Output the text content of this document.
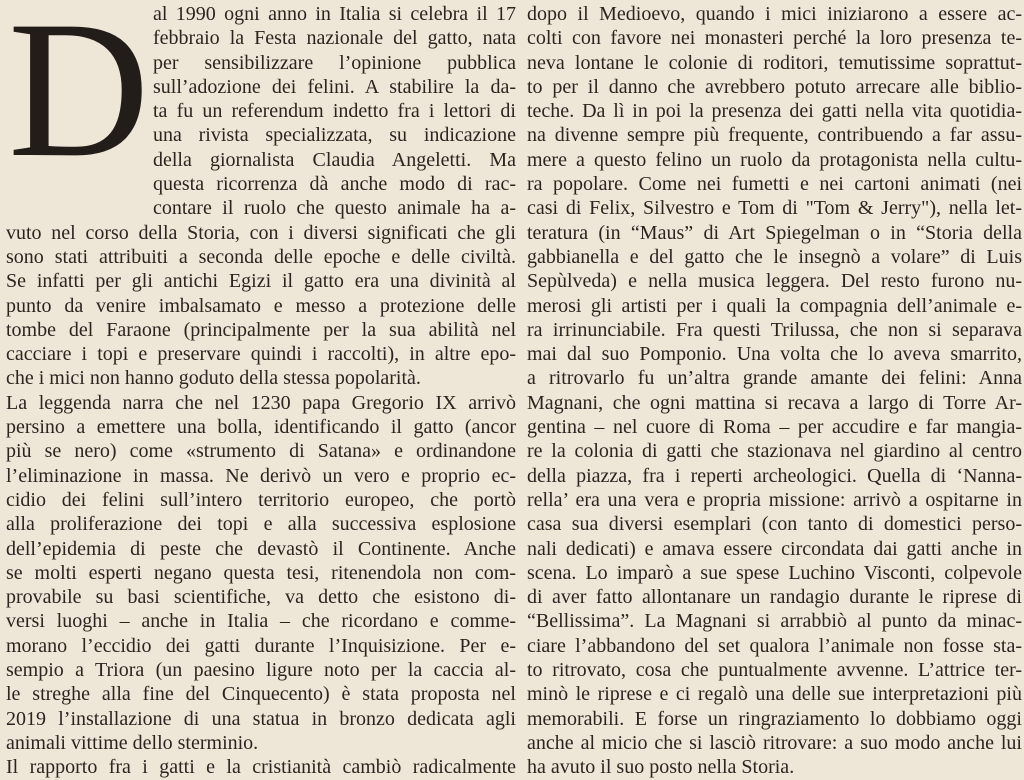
D al 1990 ogni anno in Italia si celebra il 17
febbraio la Festa nazionale del gatto, nata
per sensibilizzare l’opinione pubblica
sull’adozione dei felini. A stabilire la da-
ta fu un referendum indetto fra i lettori di
una rivista specializzata, su indicazione
della giornalista Claudia Angeletti. Ma
questa ricorrenza dà anche modo di rac-
contare il ruolo che questo animale ha a-
vuto nel corso della Storia, con i diversi significati che gli
sono stati attribuiti a seconda delle epoche e delle civiltà.
Se infatti per gli antichi Egizi il gatto era una divinità al
punto da venire imbalsamato e messo a protezione delle
tombe del Faraone (principalmente per la sua abilità nel
cacciare i topi e preservare quindi i raccolti), in altre epo-
che i mici non hanno goduto della stessa popolarità.
La leggenda narra che nel 1230 papa Gregorio IX arrivò
persino a emettere una bolla, identificando il gatto (ancor
più se nero) come «strumento di Satana» e ordinandone
l’eliminazione in massa. Ne derivò un vero e proprio ec-
cidio dei felini sull’intero territorio europeo, che portò
alla proliferazione dei topi e alla successiva esplosione
dell’epidemia di peste che devastò il Continente. Anche
se molti esperti negano questa tesi, ritenendola non com-
provabile su basi scientifiche, va detto che esistono di-
versi luoghi – anche in Italia – che ricordano e comme-
morano l’eccidio dei gatti durante l’Inquisizione. Per e-
sempio a Triora (un paesino ligure noto per la caccia al-
le streghe alla fine del Cinquecento) è stata proposta nel
2019 l’installazione di una statua in bronzo dedicata agli
animali vittime dello sterminio.
Il rapporto fra i gatti e la cristianità cambiò radicalmente
dopo il Medioevo, quando i mici iniziarono a essere ac-
colti con favore nei monasteri perché la loro presenza te-
neva lontane le colonie di roditori, temutissime soprattut-
to per il danno che avrebbero potuto arrecare alle biblio-
teche. Da lì in poi la presenza dei gatti nella vita quotidia-
na divenne sempre più frequente, contribuendo a far assu-
mere a questo felino un ruolo da protagonista nella cultu-
ra popolare. Come nei fumetti e nei cartoni animati (nei
casi di Felix, Silvestro e Tom di "Tom & Jerry"), nella let-
teratura (in “Maus” di Art Spiegelman o in “Storia della
gabbianella e del gatto che le insegnò a volare” di Luis
Sepùlveda) e nella musica leggera. Del resto furono nu-
merosi gli artisti per i quali la compagnia dell’animale e-
ra irrinunciabile. Fra questi Trilussa, che non si separava
mai dal suo Pomponio. Una volta che lo aveva smarrito,
a ritrovarlo fu un’altra grande amante dei felini: Anna
Magnani, che ogni mattina si recava a largo di Torre Ar-
gentina – nel cuore di Roma – per accudire e far mangia-
re la colonia di gatti che stazionava nel giardino al centro
della piazza, fra i reperti archeologici. Quella di ‘Nanna-
rella’ era una vera e propria missione: arrivò a ospitarne in
casa sua diversi esemplari (con tanto di domestici perso-
nali dedicati) e amava essere circondata dai gatti anche in
scena. Lo imparò a sue spese Luchino Visconti, colpevole
di aver fatto allontanare un randagio durante le riprese di
“Bellissima”. La Magnani si arrabbiò al punto da minac-
ciare l’abbandono del set qualora l’animale non fosse sta-
to ritrovato, cosa che puntualmente avvenne. L’attrice ter-
minò le riprese e ci regalò una delle sue interpretazioni più
memorabili. E forse un ringraziamento lo dobbiamo oggi
anche al micio che si lasciò ritrovare: a suo modo anche lui
ha avuto il suo posto nella Storia.
